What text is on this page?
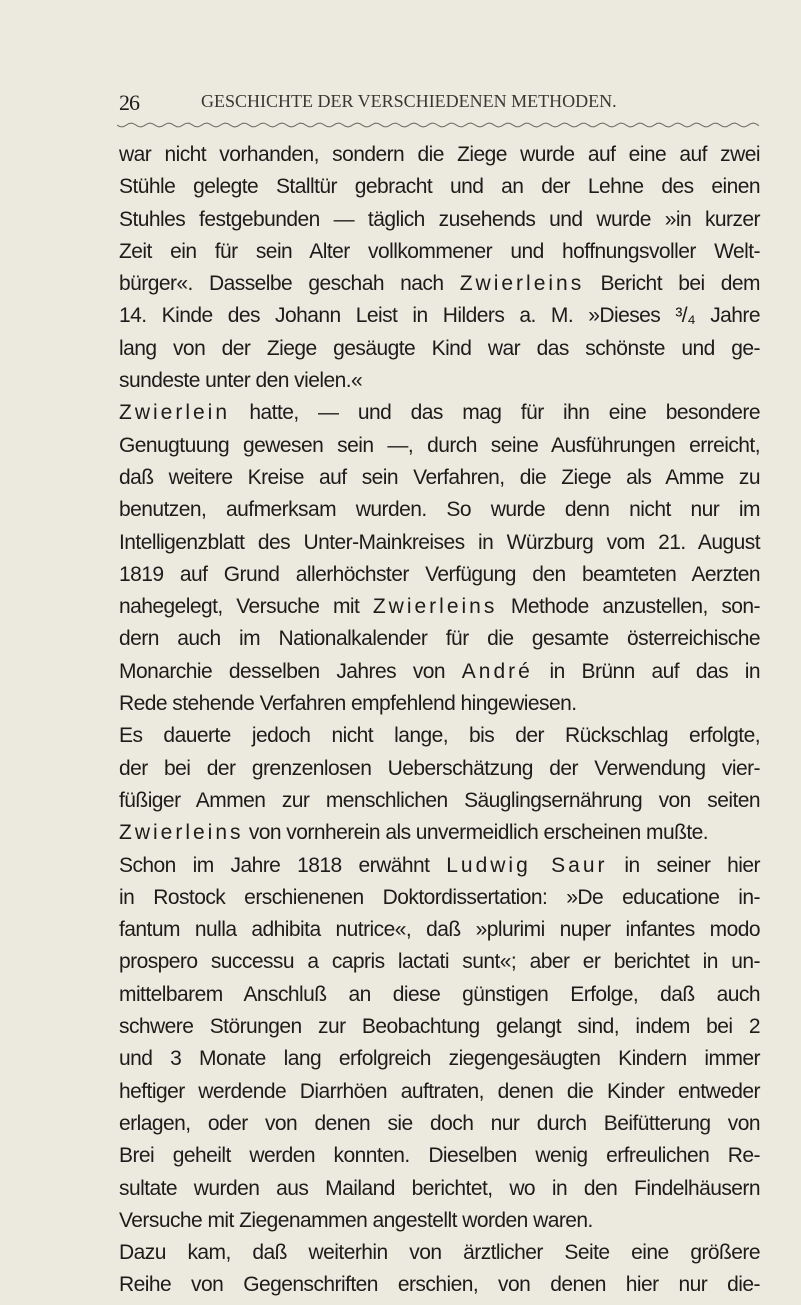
26	GESCHICHTE DER VERSCHIEDENEN METHODEN.
war nicht vorhanden, sondern die Ziege wurde auf eine auf zwei
Stühle gelegte Stalltür gebracht und an der Lehne des einen
Stuhles festgebunden — täglich zusehends und wurde »in kurzer
Zeit ein für sein Alter vollkommener und hoffnungsvoller Welt-
bürger«. Dasselbe geschah nach Zwierleins Bericht bei dem
14. Kinde des Johann Leist in Hilders a. M. »Dieses ³/₄ Jahre
lang von der Ziege gesäugte Kind war das schönste und ge-
sundeste unter den vielen.«
Zwierlein hatte, — und das mag für ihn eine besondere
Genugtuung gewesen sein —, durch seine Ausführungen erreicht,
daß weitere Kreise auf sein Verfahren, die Ziege als Amme zu
benutzen, aufmerksam wurden. So wurde denn nicht nur im
Intelligenzblatt des Unter-Mainkreises in Würzburg vom 21. August
1819 auf Grund allerhöchster Verfügung den beamteten Aerzten
nahegelegt, Versuche mit Zwierleins Methode anzustellen, son-
dern auch im Nationalkalender für die gesamte österreichische
Monarchie desselben Jahres von André in Brünn auf das in
Rede stehende Verfahren empfehlend hingewiesen.
Es dauerte jedoch nicht lange, bis der Rückschlag erfolgte,
der bei der grenzenlosen Ueberschätzung der Verwendung vier-
füßiger Ammen zur menschlichen Säuglingsernährung von seiten
Zwierleins von vornherein als unvermeidlich erscheinen mußte.
Schon im Jahre 1818 erwähnt Ludwig Saur in seiner hier
in Rostock erschienenen Doktordissertation: »De educatione in-
fantum nulla adhibita nutrice«, daß »plurimi nuper infantes modo
prospero successu a capris lactati sunt«; aber er berichtet in un-
mittelbarem Anschluß an diese günstigen Erfolge, daß auch
schwere Störungen zur Beobachtung gelangt sind, indem bei 2
und 3 Monate lang erfolgreich ziegengesäugten Kindern immer
heftiger werdende Diarrhöen auftraten, denen die Kinder entweder
erlagen, oder von denen sie doch nur durch Beifütterung von
Brei geheilt werden konnten. Dieselben wenig erfreulichen Re-
sultate wurden aus Mailand berichtet, wo in den Findelhäusern
Versuche mit Ziegenammen angestellt worden waren.
Dazu kam, daß weiterhin von ärztlicher Seite eine größere
Reihe von Gegenschriften erschien, von denen hier nur die-
